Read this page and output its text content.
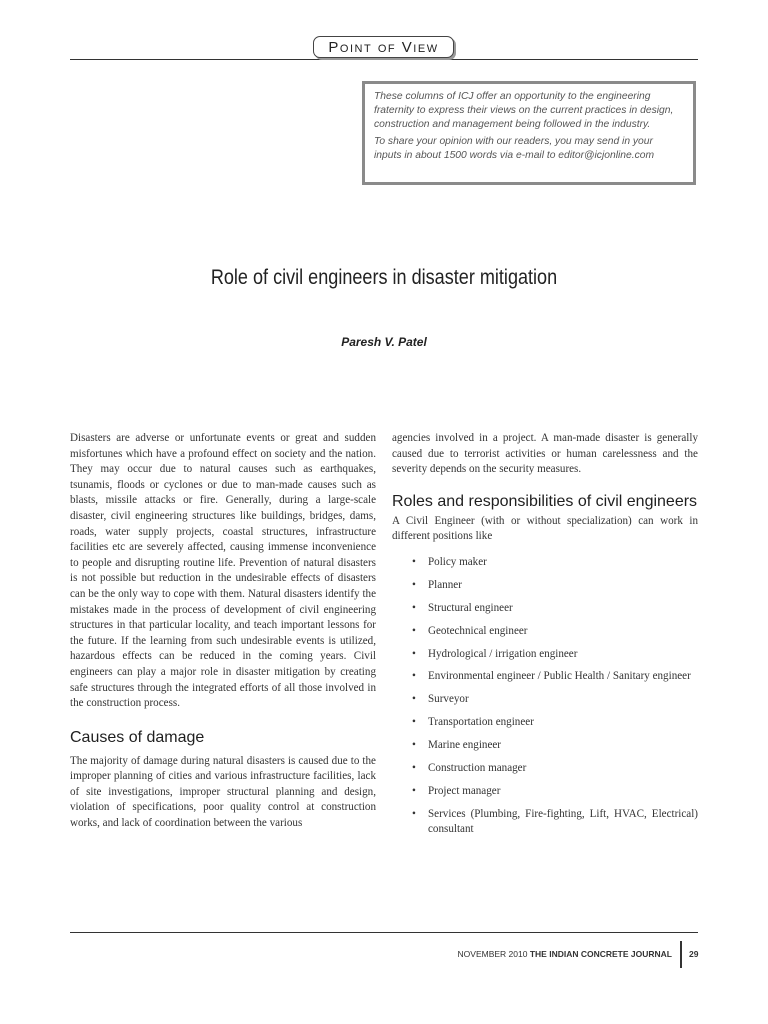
Point of View

These columns of ICJ offer an opportunity to the engineering fraternity to express their views on the current practices in design, construction and management being followed in the industry.

To share your opinion with our readers, you may send in your inputs in about 1500 words via e-mail to editor@icjonline.com

Role of civil engineers in disaster mitigation
Paresh V. Patel

Disasters are adverse or unfortunate events or great and sudden misfortunes which have a profound effect on society and the nation. They may occur due to natural causes such as earthquakes, tsunamis, floods or cyclones or due to man-made causes such as blasts, missile attacks or fire. Generally, during a large-scale disaster, civil engineering structures like buildings, bridges, dams, roads, water supply projects, coastal structures, infrastructure facilities etc are severely affected, causing immense inconvenience to people and disrupting routine life. Prevention of natural disasters is not possible but reduction in the undesirable effects of disasters can be the only way to cope with them. Natural disasters identify the mistakes made in the process of development of civil engineering structures in that particular locality, and teach important lessons for the future. If the learning from such undesirable events is utilized, hazardous effects can be reduced in the coming years. Civil engineers can play a major role in disaster mitigation by creating safe structures through the integrated efforts of all those involved in the construction process.

Causes of damage

The majority of damage during natural disasters is caused due to the improper planning of cities and various infrastructure facilities, lack of site investigations, improper structural planning and design, violation of specifications, poor quality control at construction works, and lack of coordination between the various

agencies involved in a project. A man-made disaster is generally caused due to terrorist activities or human carelessness and the severity depends on the security measures.

Roles and responsibilities of civil engineers

A Civil Engineer (with or without specialization) can work in different positions like

• Policy maker
• Planner
• Structural engineer
• Geotechnical engineer
• Hydrological / irrigation engineer
• Environmental engineer / Public Health / Sanitary engineer
• Surveyor
• Transportation engineer
• Marine engineer
• Construction manager
• Project manager
• Services (Plumbing, Fire-fighting, Lift, HVAC, Electrical) consultant
NOVEMBER 2010 THE INDIAN CONCRETE JOURNAL 29
